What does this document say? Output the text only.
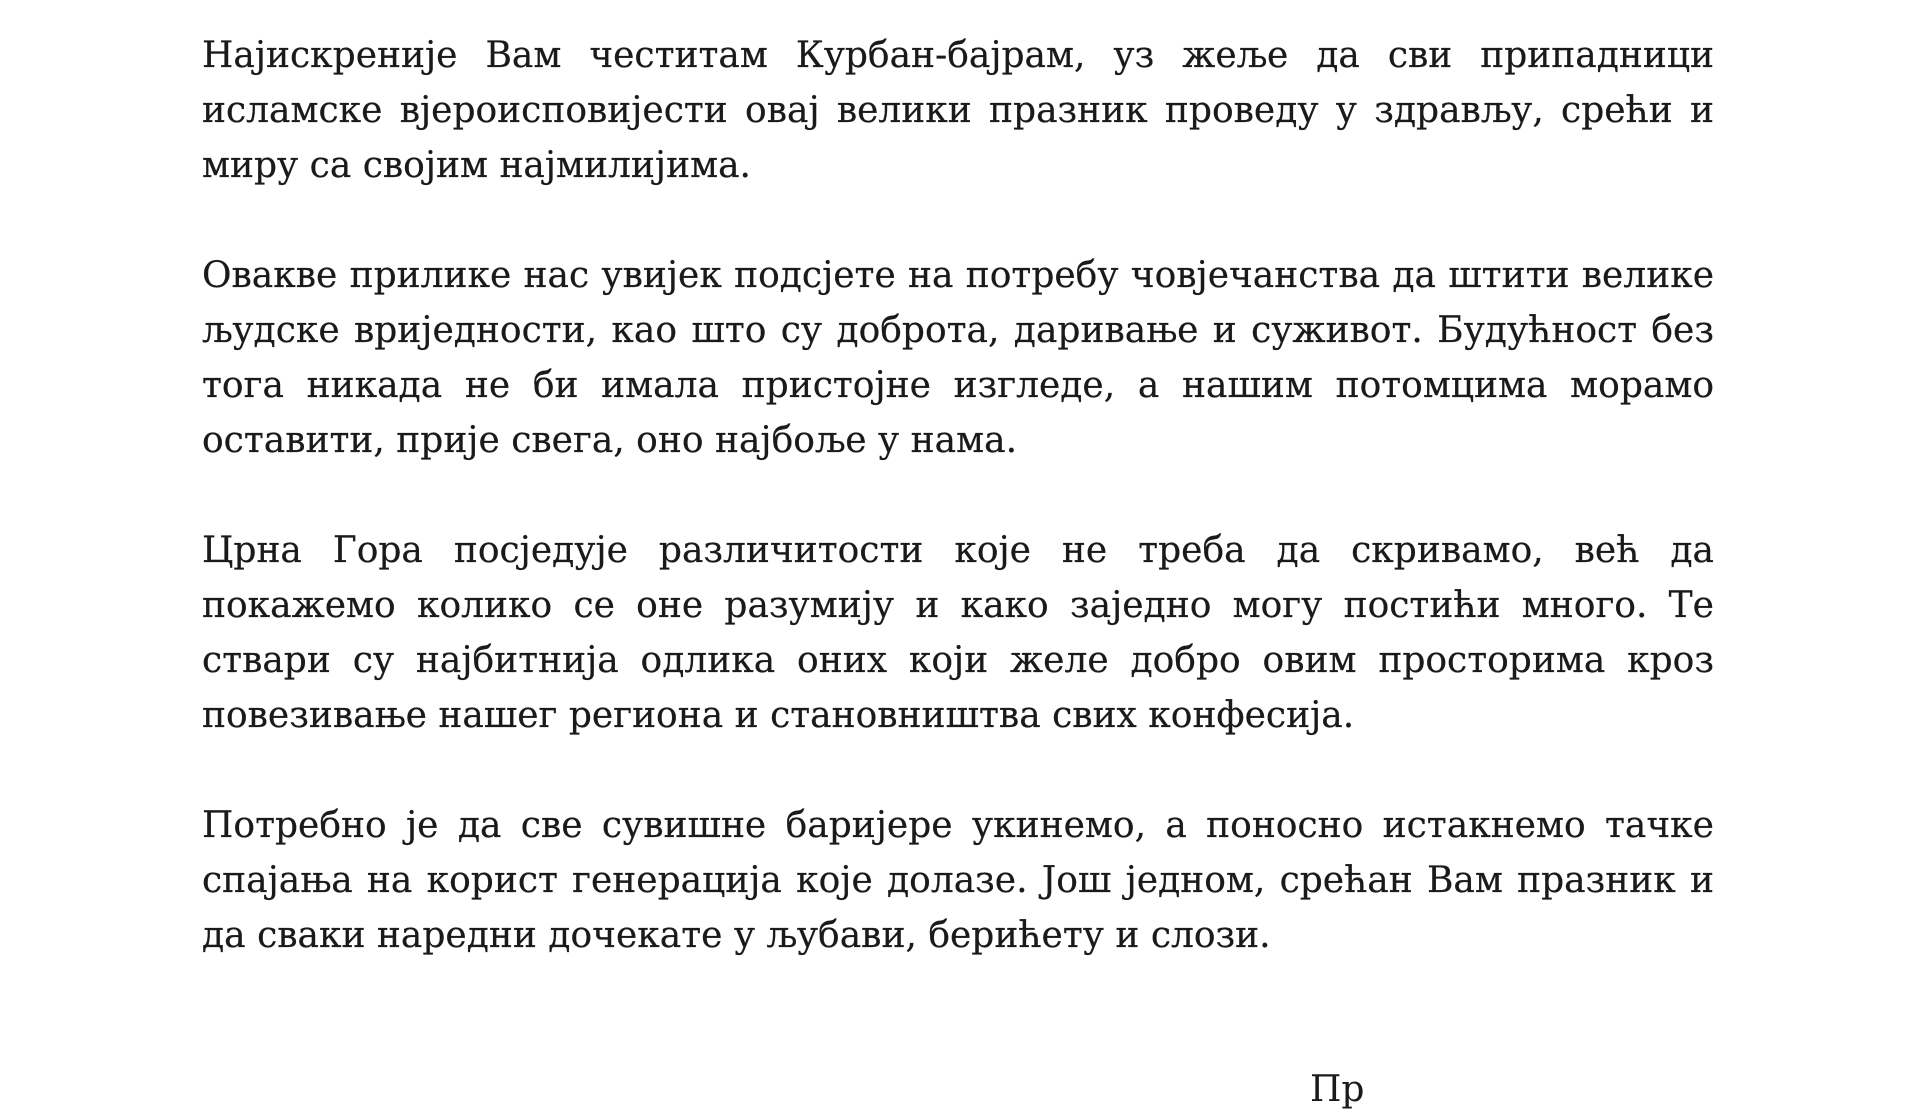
Најискреније Вам честитам Курбан-бајрам, уз жеље да сви припадници исламске вјероисповијести овај велики празник проведу у здрављу, срећи и миру са својим најмилијима.

Овакве прилике нас увијек подсјете на потребу човјечанства да штити велике људске вриједности, као што су доброта, даривање и суживот. Будућност без тога никада не би имала пристојне изгледе, а нашим потомцима морамо оставити, прије свега, оно најбоље у нама.

Црна Гора посједује различитости које не треба да скривамо, већ да покажемо колико се оне разумију и како заједно могу постићи много. Те ствари су најбитнија одлика оних који желе добро овим просторима кроз повезивање нашег региона и становништва свих конфесија.

Потребно је да све сувишне баријере укинемо, а поносно истакнемо тачке спајања на корист генерација које долазе. Још једном, срећан Вам празник и да сваки наредни дочекате у љубави, берићету и слози.

Пр
